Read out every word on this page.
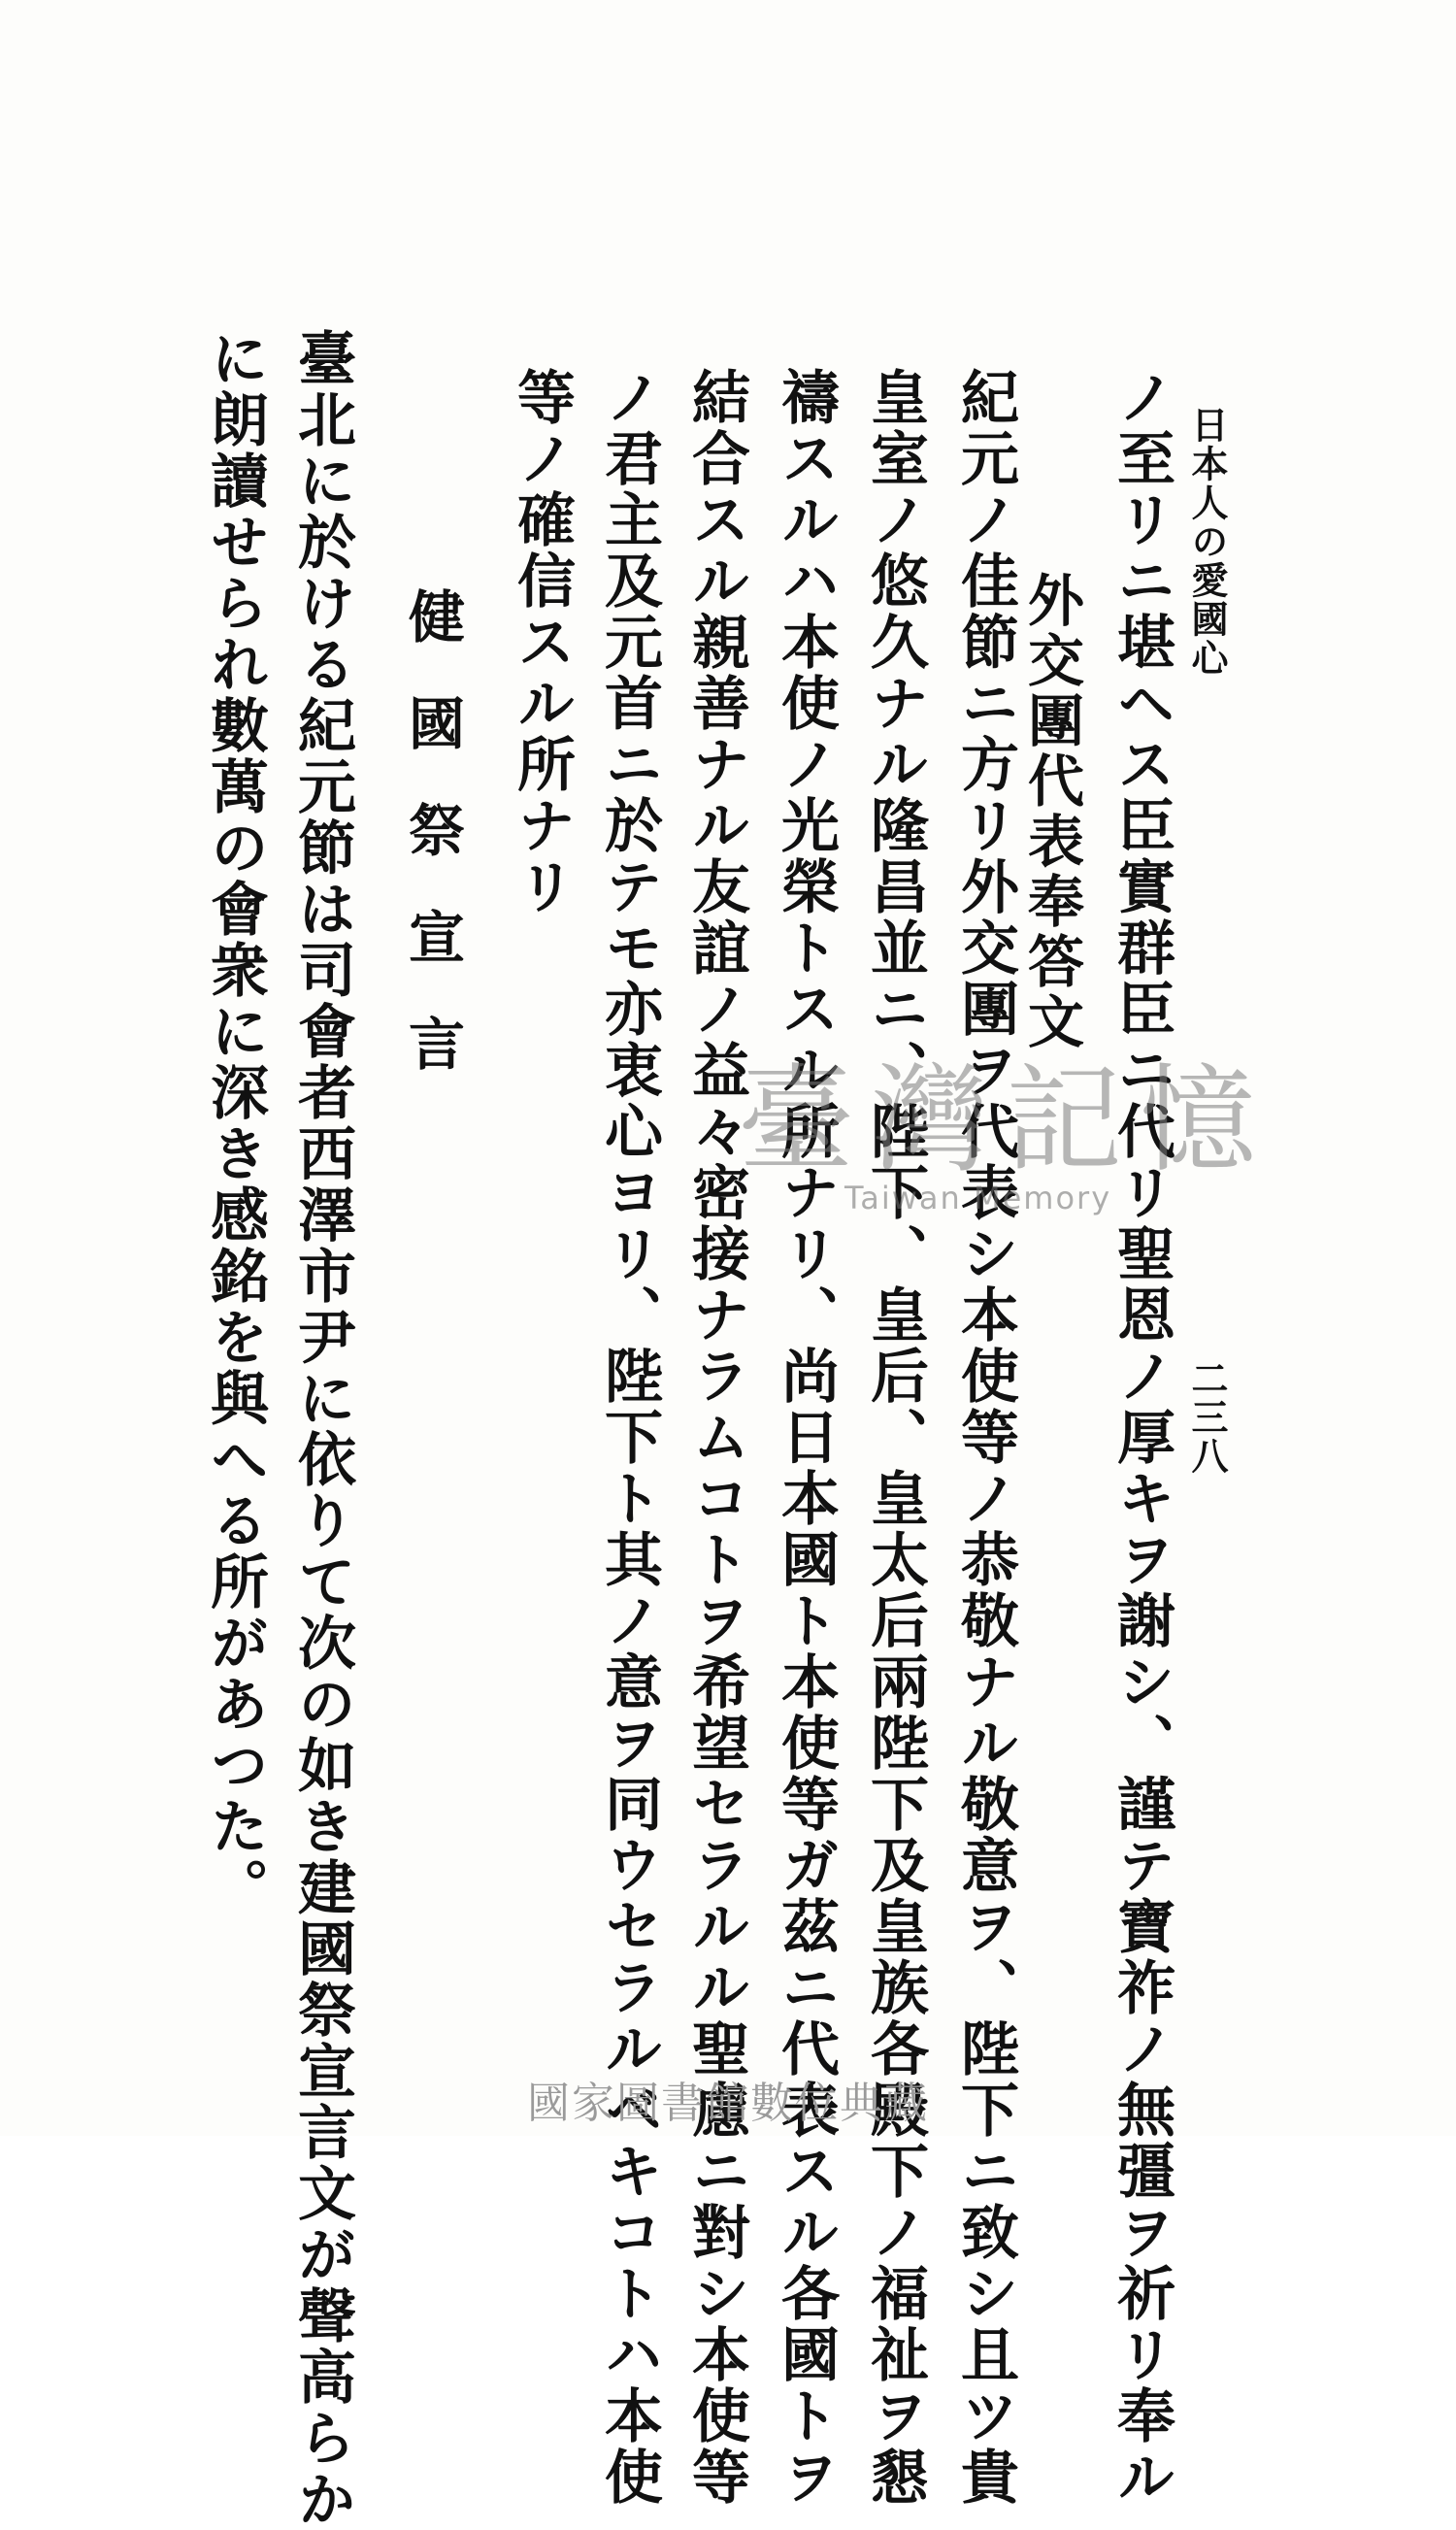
日本人の愛國心
二三八
ノ至リニ堪ヘス臣實群臣ニ代リ聖恩ノ厚キヲ謝シ、謹テ寶祚ノ無彊ヲ祈リ奉ル
外交團代表奉答文
紀元ノ佳節ニ方リ外交團ヲ代表シ本使等ノ恭敬ナル敬意ヲ、陛下ニ致シ且ツ貴
皇室ノ悠久ナル隆昌並ニ、陛下、皇后、皇太后兩陛下及皇族各殿下ノ福祉ヲ懇
禱スルハ本使ノ光榮トスル所ナリ、尚日本國ト本使等ガ茲ニ代表スル各國トヲ
結合スル親善ナル友誼ノ益々密接ナラムコトヲ希望セラルル聖慮ニ對シ本使等
ノ君主及元首ニ於テモ亦衷心ヨリ、陛下ト其ノ意ヲ同ウセラルベキコトハ本使
等ノ確信スル所ナリ
健國祭宣言
臺北に於ける紀元節は司會者西澤市尹に依りて次の如き建國祭宣言文が聲高らか
に朗讀せられ數萬の會衆に深き感銘を與へる所があつた。	臺灣記憶
Taiwan Memory
國家圖書館數位典藏
